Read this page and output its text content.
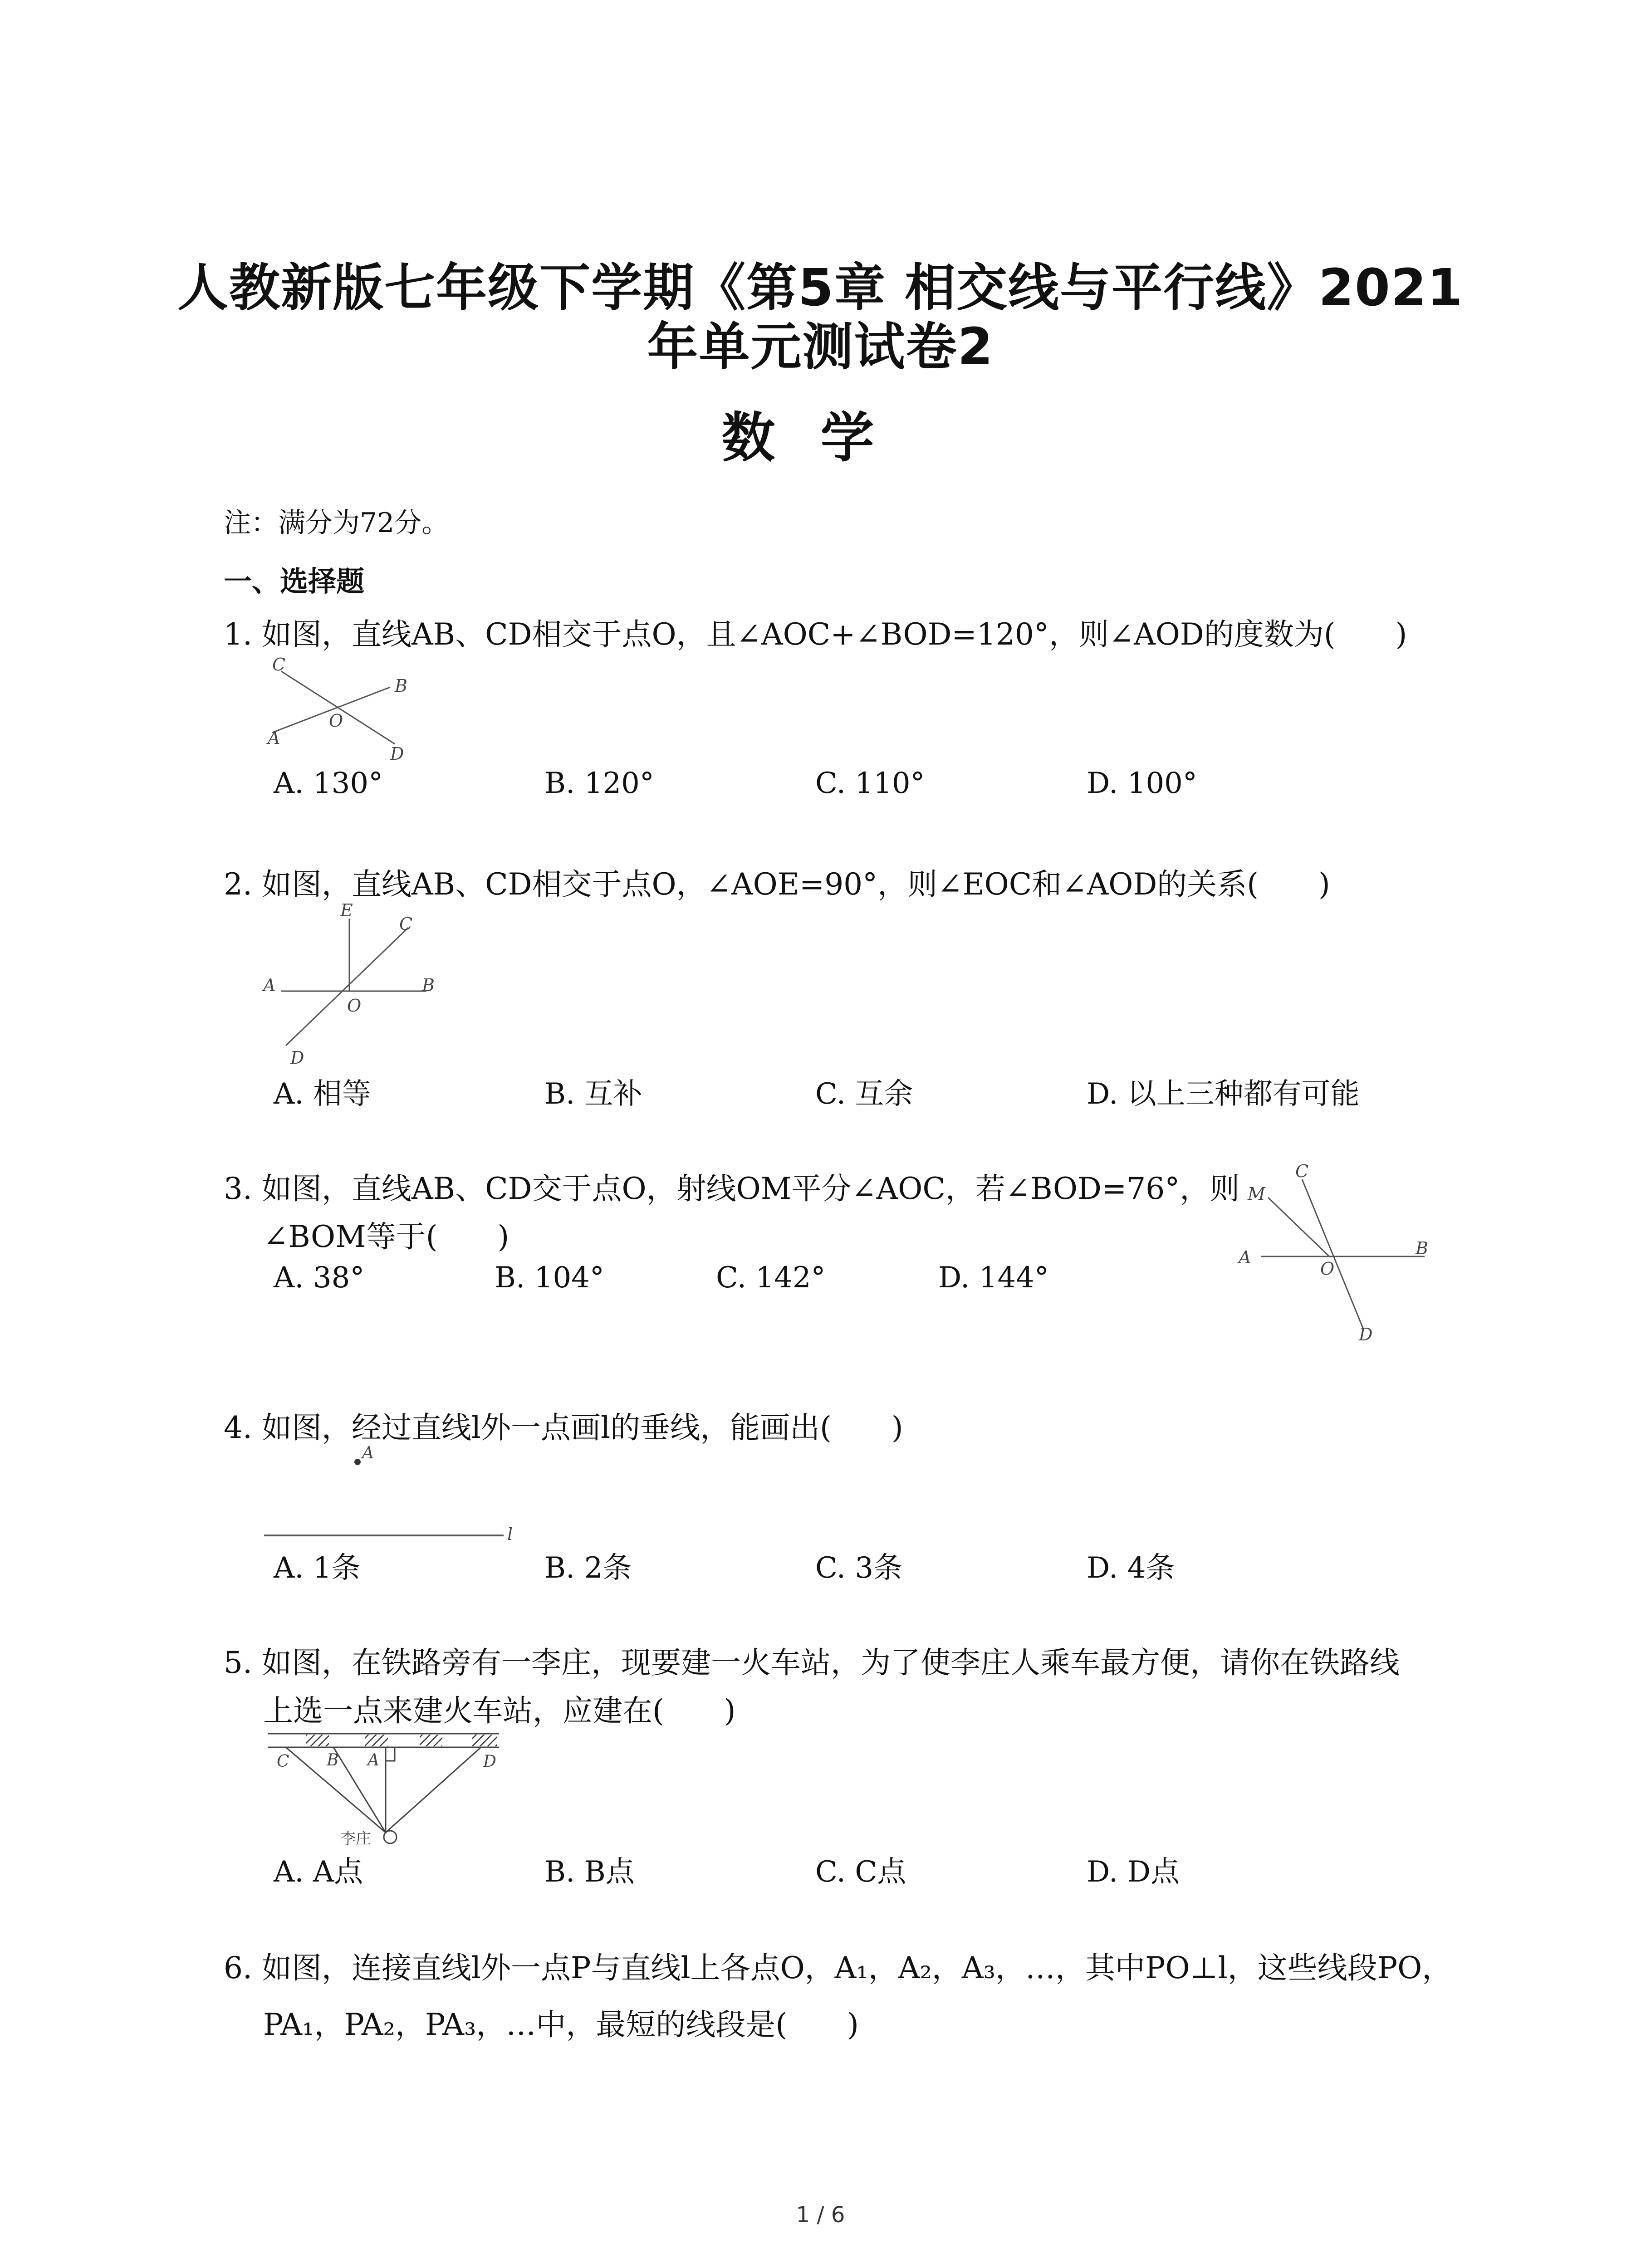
人教新版七年级下学期《第5章 相交线与平行线》2021
年单元测试卷2
数学
注：满分为72分。
一、选择题
1. 如图，直线AB、CD相交于点O，且∠AOC+∠BOD=120°，则∠AOD的度数为(　　)
C
B
O
A
D
A. 130°	B. 120°	C. 110°	D. 100°
2. 如图，直线AB、CD相交于点O，∠AOE=90°，则∠EOC和∠AOD的关系(　　)
E
C
A	B
O
D
A. 相等	B. 互补	C. 互余	D. 以上三种都有可能
3. 如图，直线AB、CD交于点O，射线OM平分∠AOC，若∠BOD=76°，则
∠BOM等于(　　)
C
M
B
A
O
D
A. 38°	B. 104°	C. 142°	D. 144°
4. 如图，经过直线l外一点画l的垂线，能画出(　　)
A
l
A. 1条	B. 2条	C. 3条	D. 4条
5. 如图，在铁路旁有一李庄，现要建一火车站，为了使李庄人乘车最方便，请你在铁路线
上选一点来建火车站，应建在(　　)
C B A	D
李庄
A. A点	B. B点	C. C点	D. D点
6. 如图，连接直线l外一点P与直线l上各点O，A₁，A₂，A₃，…，其中PO⊥l，这些线段PO，
PA₁，PA₂，PA₃，…中，最短的线段是(　　)
1 / 6
